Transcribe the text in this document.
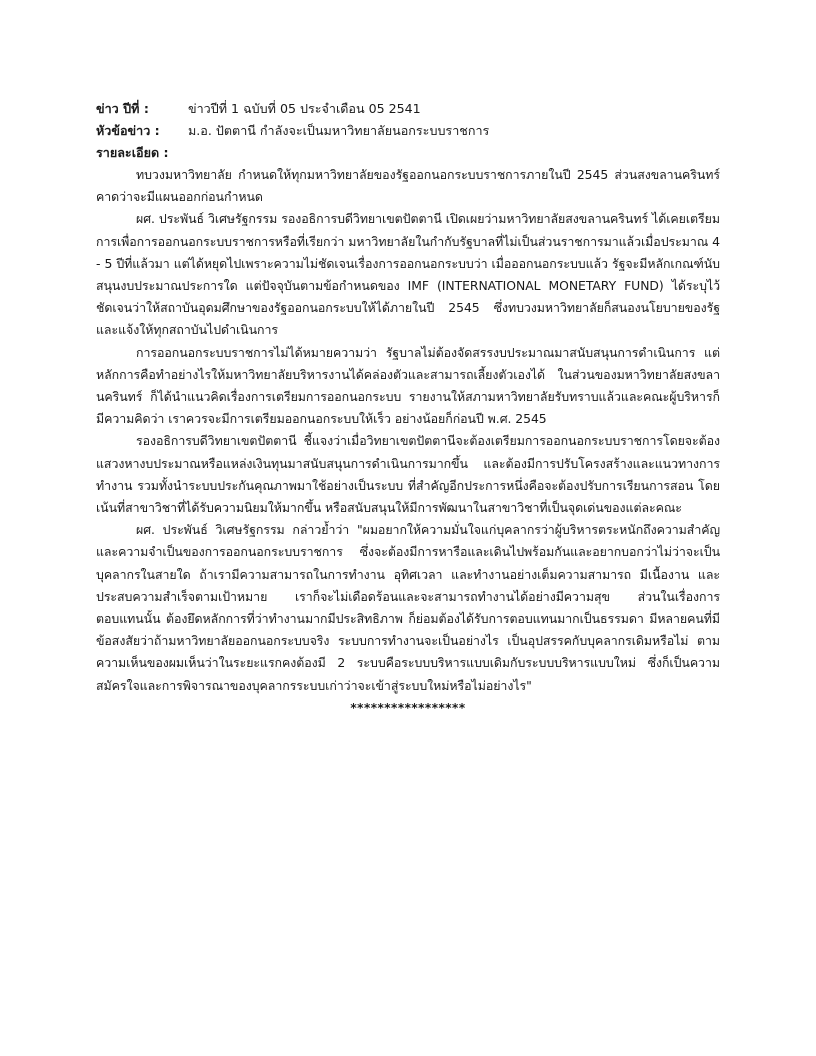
ข่าว ปีที่ :	ข่าวปีที่ 1 ฉบับที่ 05 ประจำเดือน 05 2541
หัวข้อข่าว :	ม.อ. ปัตตานี กำลังจะเป็นมหาวิทยาลัยนอกระบบราชการ
รายละเอียด :

ทบวงมหาวิทยาลัย กำหนดให้ทุกมหาวิทยาลัยของรัฐออกนอกระบบราชการภายในปี 2545 ส่วนสงขลานครินทร์คาดว่าจะมีแผนออกก่อนกำหนด

ผศ. ประพันธ์ วิเศษรัฐกรรม รองอธิการบดีวิทยาเขตปัตตานี เปิดเผยว่ามหาวิทยาลัยสงขลานครินทร์ ได้เคยเตรียมการเพื่อการออกนอกระบบราชการหรือที่เรียกว่า มหาวิทยาลัยในกำกับรัฐบาลที่ไม่เป็นส่วนราชการมาแล้วเมื่อประมาณ 4 - 5 ปีที่แล้วมา แต่ได้หยุดไปเพราะความไม่ชัดเจนเรื่องการออกนอกระบบว่า เมื่อออกนอกระบบแล้ว รัฐจะมีหลักเกณฑ์นับสนุนงบประมาณประการใด แต่ปัจจุบันตามข้อกำหนดของ IMF (INTERNATIONAL MONETARY FUND) ได้ระบุไว้ชัดเจนว่าให้สถาบันอุดมศึกษาของรัฐออกนอกระบบให้ได้ภายในปี 2545 ซึ่งทบวงมหาวิทยาลัยก็สนองนโยบายของรัฐและแจ้งให้ทุกสถาบันไปดำเนินการ

การออกนอกระบบราชการไม่ได้หมายความว่า รัฐบาลไม่ต้องจัดสรรงบประมาณมาสนับสนุนการดำเนินการ แต่หลักการคือทำอย่างไรให้มหาวิทยาลัยบริหารงานได้คล่องตัวและสามารถเลี้ยงตัวเองได้ ในส่วนของมหาวิทยาลัยสงขลานครินทร์ ก็ได้นำแนวคิดเรื่องการเตรียมการออกนอกระบบ รายงานให้สภามหาวิทยาลัยรับทราบแล้วและคณะผู้บริหารก็มีความคิดว่า เราควรจะมีการเตรียมออกนอกระบบให้เร็ว อย่างน้อยก็ก่อนปี พ.ศ. 2545

รองอธิการบดีวิทยาเขตปัตตานี ชี้แจงว่าเมื่อวิทยาเขตปัตตานีจะต้องเตรียมการออกนอกระบบราชการโดยจะต้องแสวงหางบประมาณหรือแหล่งเงินทุนมาสนับสนุนการดำเนินการมากขึ้น และต้องมีการปรับโครงสร้างและแนวทางการทำงาน รวมทั้งนำระบบประกันคุณภาพมาใช้อย่างเป็นระบบ ที่สำคัญอีกประการหนึ่งคือจะต้องปรับการเรียนการสอน โดยเน้นที่สาขาวิชาที่ได้รับความนิยมให้มากขึ้น หรือสนับสนุนให้มีการพัฒนาในสาขาวิชาที่เป็นจุดเด่นของแต่ละคณะ

ผศ. ประพันธ์ วิเศษรัฐกรรม กล่าวย้ำว่า "ผมอยากให้ความมั่นใจแก่บุคลากรว่าผู้บริหารตระหนักถึงความสำคัญและความจำเป็นของการออกนอกระบบราชการ ซึ่งจะต้องมีการหารือและเดินไปพร้อมกันและอยากบอกว่าไม่ว่าจะเป็นบุคลากรในสายใด ถ้าเรามีความสามารถในการทำงาน อุทิศเวลา และทำงานอย่างเต็มความสามารถ มีเนื้องาน และประสบความสำเร็จตามเป้าหมาย เราก็จะไม่เดือดร้อนและจะสามารถทำงานได้อย่างมีความสุข ส่วนในเรื่องการตอบแทนนั้น ต้องยึดหลักการที่ว่าทำงานมากมีประสิทธิภาพ ก็ย่อมต้องได้รับการตอบแทนมากเป็นธรรมดา มีหลายคนที่มีข้อสงสัยว่าถ้ามหาวิทยาลัยออกนอกระบบจริง ระบบการทำงานจะเป็นอย่างไร เป็นอุปสรรคกับบุคลากรเดิมหรือไม่ ตามความเห็นของผมเห็นว่าในระยะแรกคงต้องมี 2 ระบบคือระบบบริหารแบบเดิมกับระบบบริหารแบบใหม่ ซึ่งก็เป็นความสมัครใจและการพิจารณาของบุคลากรระบบเก่าว่าจะเข้าสู่ระบบใหม่หรือไม่อย่างไร"

*****************
